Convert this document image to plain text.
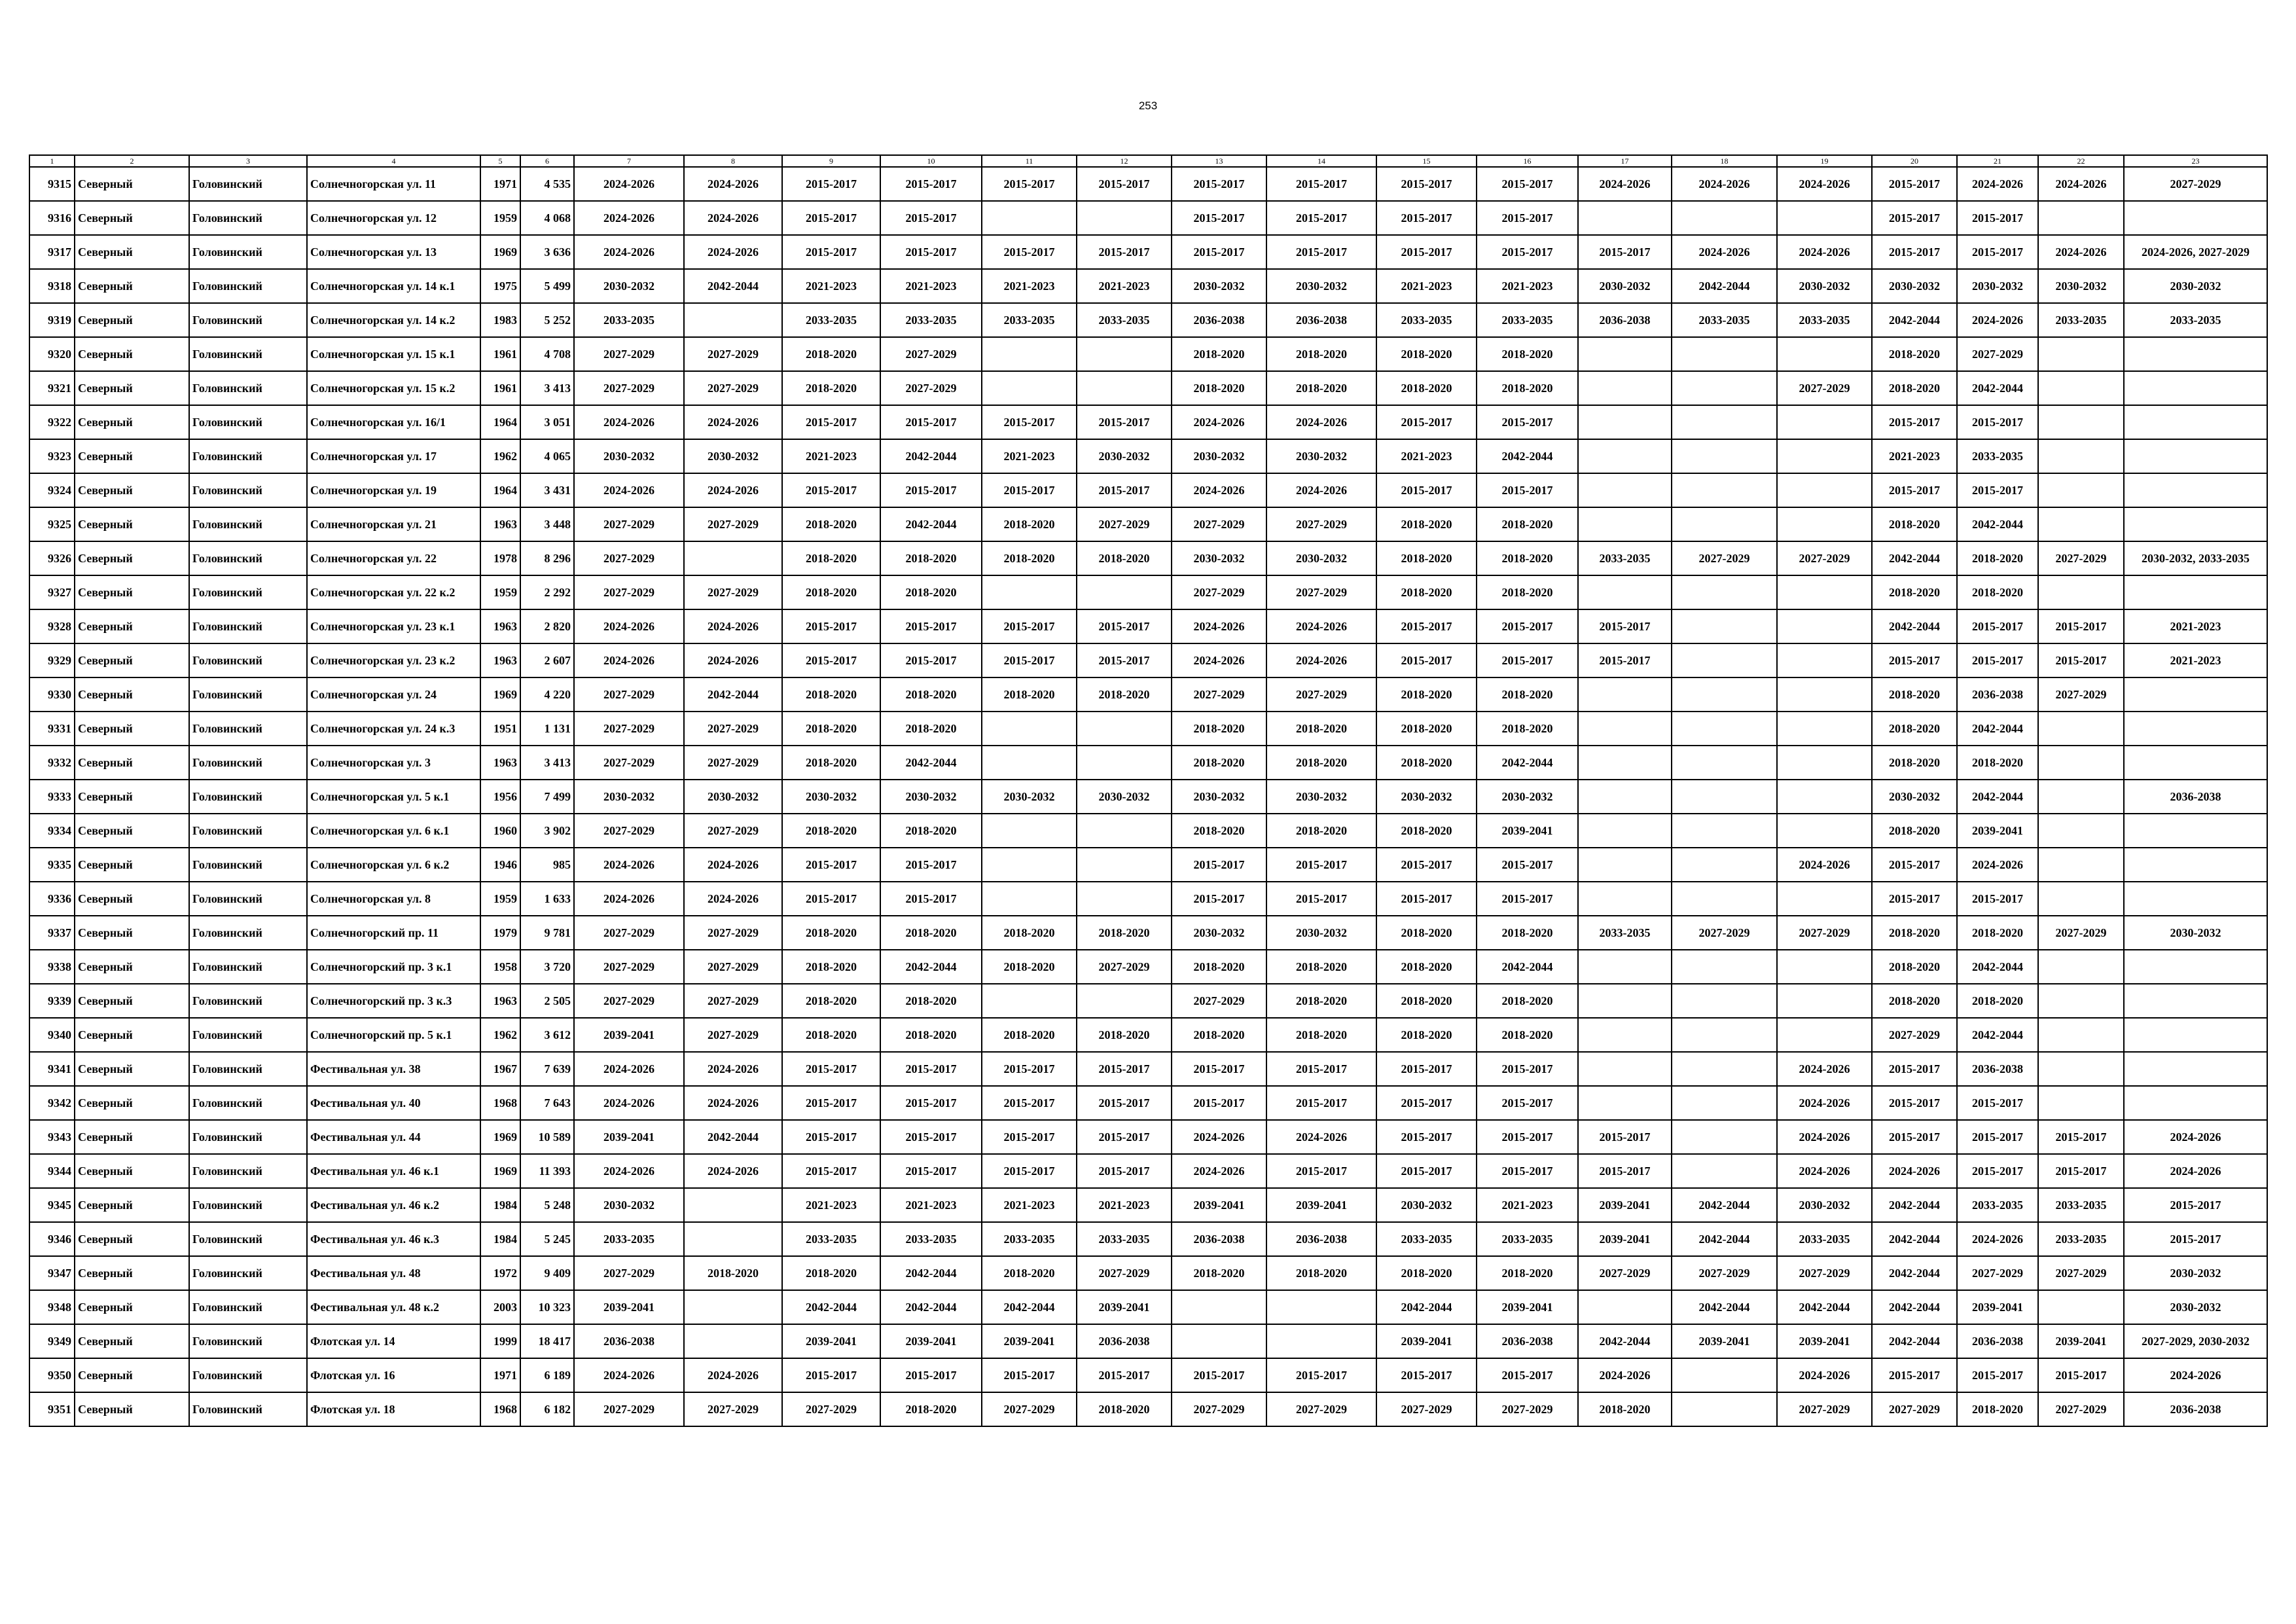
253
1	2	3	4	5	6	7	8	9	10	11	12	13	14	15	16	17	18	19	20	21	22	23
9315	Северный	Головинский	Солнечногорская ул. 11	1971	4 535	2024-2026	2024-2026	2015-2017	2015-2017	2015-2017	2015-2017	2015-2017	2015-2017	2015-2017	2015-2017	2024-2026	2024-2026	2024-2026	2015-2017	2024-2026	2024-2026	2027-2029
9316	Северный	Головинский	Солнечногорская ул. 12	1959	4 068	2024-2026	2024-2026	2015-2017	2015-2017			2015-2017	2015-2017	2015-2017	2015-2017				2015-2017	2015-2017		
9317	Северный	Головинский	Солнечногорская ул. 13	1969	3 636	2024-2026	2024-2026	2015-2017	2015-2017	2015-2017	2015-2017	2015-2017	2015-2017	2015-2017	2015-2017	2015-2017	2024-2026	2024-2026	2015-2017	2015-2017	2024-2026	2024-2026, 2027-2029
9318	Северный	Головинский	Солнечногорская ул. 14 к.1	1975	5 499	2030-2032	2042-2044	2021-2023	2021-2023	2021-2023	2021-2023	2030-2032	2030-2032	2021-2023	2021-2023	2030-2032	2042-2044	2030-2032	2030-2032	2030-2032	2030-2032	2030-2032
9319	Северный	Головинский	Солнечногорская ул. 14 к.2	1983	5 252	2033-2035		2033-2035	2033-2035	2033-2035	2033-2035	2036-2038	2036-2038	2033-2035	2033-2035	2036-2038	2033-2035	2033-2035	2042-2044	2024-2026	2033-2035	2033-2035
9320	Северный	Головинский	Солнечногорская ул. 15 к.1	1961	4 708	2027-2029	2027-2029	2018-2020	2027-2029			2018-2020	2018-2020	2018-2020	2018-2020				2018-2020	2027-2029		
9321	Северный	Головинский	Солнечногорская ул. 15 к.2	1961	3 413	2027-2029	2027-2029	2018-2020	2027-2029			2018-2020	2018-2020	2018-2020	2018-2020			2027-2029	2018-2020	2042-2044		
9322	Северный	Головинский	Солнечногорская ул. 16/1	1964	3 051	2024-2026	2024-2026	2015-2017	2015-2017	2015-2017	2015-2017	2024-2026	2024-2026	2015-2017	2015-2017				2015-2017	2015-2017		
9323	Северный	Головинский	Солнечногорская ул. 17	1962	4 065	2030-2032	2030-2032	2021-2023	2042-2044	2021-2023	2030-2032	2030-2032	2030-2032	2021-2023	2042-2044				2021-2023	2033-2035		
9324	Северный	Головинский	Солнечногорская ул. 19	1964	3 431	2024-2026	2024-2026	2015-2017	2015-2017	2015-2017	2015-2017	2024-2026	2024-2026	2015-2017	2015-2017				2015-2017	2015-2017		
9325	Северный	Головинский	Солнечногорская ул. 21	1963	3 448	2027-2029	2027-2029	2018-2020	2042-2044	2018-2020	2027-2029	2027-2029	2027-2029	2018-2020	2018-2020				2018-2020	2042-2044		
9326	Северный	Головинский	Солнечногорская ул. 22	1978	8 296	2027-2029		2018-2020	2018-2020	2018-2020	2018-2020	2030-2032	2030-2032	2018-2020	2018-2020	2033-2035	2027-2029	2027-2029	2042-2044	2018-2020	2027-2029	2030-2032, 2033-2035
9327	Северный	Головинский	Солнечногорская ул. 22 к.2	1959	2 292	2027-2029	2027-2029	2018-2020	2018-2020			2027-2029	2027-2029	2018-2020	2018-2020				2018-2020	2018-2020		
9328	Северный	Головинский	Солнечногорская ул. 23 к.1	1963	2 820	2024-2026	2024-2026	2015-2017	2015-2017	2015-2017	2015-2017	2024-2026	2024-2026	2015-2017	2015-2017	2015-2017			2042-2044	2015-2017	2015-2017	2021-2023
9329	Северный	Головинский	Солнечногорская ул. 23 к.2	1963	2 607	2024-2026	2024-2026	2015-2017	2015-2017	2015-2017	2015-2017	2024-2026	2024-2026	2015-2017	2015-2017	2015-2017			2015-2017	2015-2017	2015-2017	2021-2023
9330	Северный	Головинский	Солнечногорская ул. 24	1969	4 220	2027-2029	2042-2044	2018-2020	2018-2020	2018-2020	2018-2020	2027-2029	2027-2029	2018-2020	2018-2020				2018-2020	2036-2038	2027-2029	
9331	Северный	Головинский	Солнечногорская ул. 24 к.3	1951	1 131	2027-2029	2027-2029	2018-2020	2018-2020			2018-2020	2018-2020	2018-2020	2018-2020				2018-2020	2042-2044		
9332	Северный	Головинский	Солнечногорская ул. 3	1963	3 413	2027-2029	2027-2029	2018-2020	2042-2044			2018-2020	2018-2020	2018-2020	2042-2044				2018-2020	2018-2020		
9333	Северный	Головинский	Солнечногорская ул. 5 к.1	1956	7 499	2030-2032	2030-2032	2030-2032	2030-2032	2030-2032	2030-2032	2030-2032	2030-2032	2030-2032	2030-2032				2030-2032	2042-2044		2036-2038
9334	Северный	Головинский	Солнечногорская ул. 6 к.1	1960	3 902	2027-2029	2027-2029	2018-2020	2018-2020			2018-2020	2018-2020	2018-2020	2039-2041				2018-2020	2039-2041		
9335	Северный	Головинский	Солнечногорская ул. 6 к.2	1946	985	2024-2026	2024-2026	2015-2017	2015-2017			2015-2017	2015-2017	2015-2017	2015-2017			2024-2026	2015-2017	2024-2026		
9336	Северный	Головинский	Солнечногорская ул. 8	1959	1 633	2024-2026	2024-2026	2015-2017	2015-2017			2015-2017	2015-2017	2015-2017	2015-2017				2015-2017	2015-2017		
9337	Северный	Головинский	Солнечногорский пр. 11	1979	9 781	2027-2029	2027-2029	2018-2020	2018-2020	2018-2020	2018-2020	2030-2032	2030-2032	2018-2020	2018-2020	2033-2035	2027-2029	2027-2029	2018-2020	2018-2020	2027-2029	2030-2032
9338	Северный	Головинский	Солнечногорский пр. 3 к.1	1958	3 720	2027-2029	2027-2029	2018-2020	2042-2044	2018-2020	2027-2029	2018-2020	2018-2020	2018-2020	2042-2044				2018-2020	2042-2044		
9339	Северный	Головинский	Солнечногорский пр. 3 к.3	1963	2 505	2027-2029	2027-2029	2018-2020	2018-2020			2027-2029	2018-2020	2018-2020	2018-2020				2018-2020	2018-2020		
9340	Северный	Головинский	Солнечногорский пр. 5 к.1	1962	3 612	2039-2041	2027-2029	2018-2020	2018-2020	2018-2020	2018-2020	2018-2020	2018-2020	2018-2020	2018-2020				2027-2029	2042-2044		
9341	Северный	Головинский	Фестивальная ул. 38	1967	7 639	2024-2026	2024-2026	2015-2017	2015-2017	2015-2017	2015-2017	2015-2017	2015-2017	2015-2017	2015-2017			2024-2026	2015-2017	2036-2038		
9342	Северный	Головинский	Фестивальная ул. 40	1968	7 643	2024-2026	2024-2026	2015-2017	2015-2017	2015-2017	2015-2017	2015-2017	2015-2017	2015-2017	2015-2017			2024-2026	2015-2017	2015-2017		
9343	Северный	Головинский	Фестивальная ул. 44	1969	10 589	2039-2041	2042-2044	2015-2017	2015-2017	2015-2017	2015-2017	2024-2026	2024-2026	2015-2017	2015-2017	2015-2017		2024-2026	2015-2017	2015-2017	2015-2017	2024-2026
9344	Северный	Головинский	Фестивальная ул. 46 к.1	1969	11 393	2024-2026	2024-2026	2015-2017	2015-2017	2015-2017	2015-2017	2024-2026	2015-2017	2015-2017	2015-2017	2015-2017		2024-2026	2024-2026	2015-2017	2015-2017	2024-2026
9345	Северный	Головинский	Фестивальная ул. 46 к.2	1984	5 248	2030-2032		2021-2023	2021-2023	2021-2023	2021-2023	2039-2041	2039-2041	2030-2032	2021-2023	2039-2041	2042-2044	2030-2032	2042-2044	2033-2035	2033-2035	2015-2017
9346	Северный	Головинский	Фестивальная ул. 46 к.3	1984	5 245	2033-2035		2033-2035	2033-2035	2033-2035	2033-2035	2036-2038	2036-2038	2033-2035	2033-2035	2039-2041	2042-2044	2033-2035	2042-2044	2024-2026	2033-2035	2015-2017
9347	Северный	Головинский	Фестивальная ул. 48	1972	9 409	2027-2029	2018-2020	2018-2020	2042-2044	2018-2020	2027-2029	2018-2020	2018-2020	2018-2020	2018-2020	2027-2029	2027-2029	2027-2029	2042-2044	2027-2029	2027-2029	2030-2032
9348	Северный	Головинский	Фестивальная ул. 48 к.2	2003	10 323	2039-2041		2042-2044	2042-2044	2042-2044	2039-2041			2042-2044	2039-2041		2042-2044	2042-2044	2042-2044	2039-2041		2030-2032
9349	Северный	Головинский	Флотская ул. 14	1999	18 417	2036-2038		2039-2041	2039-2041	2039-2041	2036-2038			2039-2041	2036-2038	2042-2044	2039-2041	2039-2041	2042-2044	2036-2038	2039-2041	2027-2029, 2030-2032
9350	Северный	Головинский	Флотская ул. 16	1971	6 189	2024-2026	2024-2026	2015-2017	2015-2017	2015-2017	2015-2017	2015-2017	2015-2017	2015-2017	2015-2017	2024-2026		2024-2026	2015-2017	2015-2017	2015-2017	2024-2026
9351	Северный	Головинский	Флотская ул. 18	1968	6 182	2027-2029	2027-2029	2027-2029	2018-2020	2027-2029	2018-2020	2027-2029	2027-2029	2027-2029	2027-2029	2018-2020		2027-2029	2027-2029	2018-2020	2027-2029	2036-2038
